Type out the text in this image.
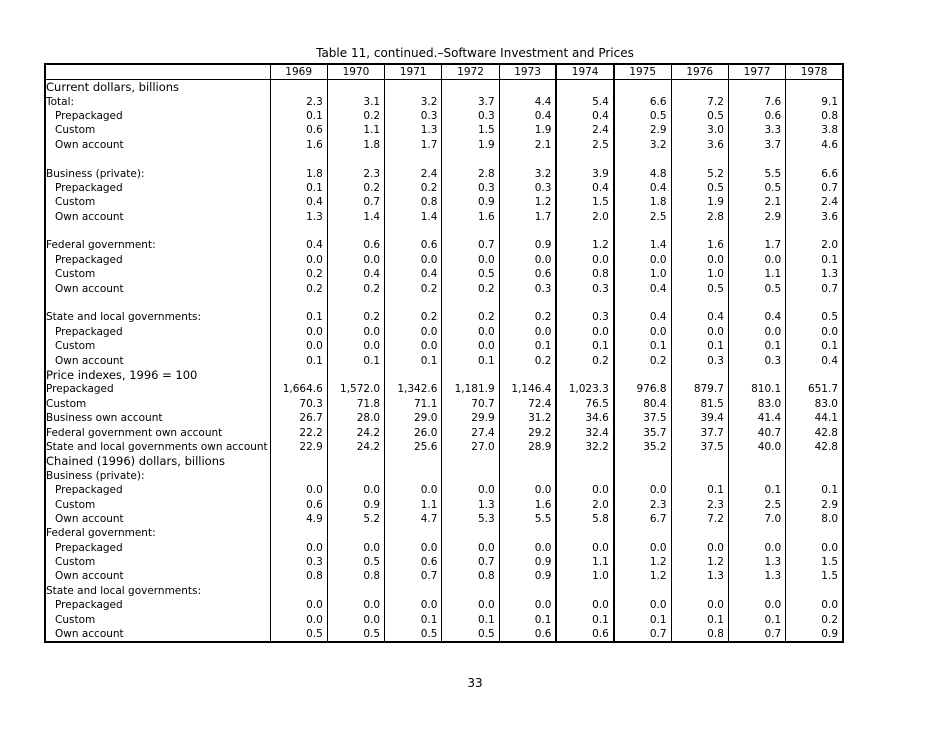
Table 11, continued.–Software Investment and Prices
	1969	1970	1971	1972	1973	1974	1975	1976	1977	1978
Current dollars, billions										
Total:	2.3	3.1	3.2	3.7	4.4	5.4	6.6	7.2	7.6	9.1
Prepackaged	0.1	0.2	0.3	0.3	0.4	0.4	0.5	0.5	0.6	0.8
Custom	0.6	1.1	1.3	1.5	1.9	2.4	2.9	3.0	3.3	3.8
Own account	1.6	1.8	1.7	1.9	2.1	2.5	3.2	3.6	3.7	4.6

Business (private):	1.8	2.3	2.4	2.8	3.2	3.9	4.8	5.2	5.5	6.6
Prepackaged	0.1	0.2	0.2	0.3	0.3	0.4	0.4	0.5	0.5	0.7
Custom	0.4	0.7	0.8	0.9	1.2	1.5	1.8	1.9	2.1	2.4
Own account	1.3	1.4	1.4	1.6	1.7	2.0	2.5	2.8	2.9	3.6

Federal government:	0.4	0.6	0.6	0.7	0.9	1.2	1.4	1.6	1.7	2.0
Prepackaged	0.0	0.0	0.0	0.0	0.0	0.0	0.0	0.0	0.0	0.1
Custom	0.2	0.4	0.4	0.5	0.6	0.8	1.0	1.0	1.1	1.3
Own account	0.2	0.2	0.2	0.2	0.3	0.3	0.4	0.5	0.5	0.7

State and local governments:	0.1	0.2	0.2	0.2	0.2	0.3	0.4	0.4	0.4	0.5
Prepackaged	0.0	0.0	0.0	0.0	0.0	0.0	0.0	0.0	0.0	0.0
Custom	0.0	0.0	0.0	0.0	0.1	0.1	0.1	0.1	0.1	0.1
Own account	0.1	0.1	0.1	0.1	0.2	0.2	0.2	0.3	0.3	0.4
Price indexes, 1996 = 100										
Prepackaged	1,664.6	1,572.0	1,342.6	1,181.9	1,146.4	1,023.3	976.8	879.7	810.1	651.7
Custom	70.3	71.8	71.1	70.7	72.4	76.5	80.4	81.5	83.0	83.0
Business own account	26.7	28.0	29.0	29.9	31.2	34.6	37.5	39.4	41.4	44.1
Federal government own account	22.2	24.2	26.0	27.4	29.2	32.4	35.7	37.7	40.7	42.8
State and local governments own account	22.9	24.2	25.6	27.0	28.9	32.2	35.2	37.5	40.0	42.8
Chained (1996) dollars, billions										
Business (private):										
Prepackaged	0.0	0.0	0.0	0.0	0.0	0.0	0.0	0.1	0.1	0.1
Custom	0.6	0.9	1.1	1.3	1.6	2.0	2.3	2.3	2.5	2.9
Own account	4.9	5.2	4.7	5.3	5.5	5.8	6.7	7.2	7.0	8.0
Federal government:										
Prepackaged	0.0	0.0	0.0	0.0	0.0	0.0	0.0	0.0	0.0	0.0
Custom	0.3	0.5	0.6	0.7	0.9	1.1	1.2	1.2	1.3	1.5
Own account	0.8	0.8	0.7	0.8	0.9	1.0	1.2	1.3	1.3	1.5
State and local governments:										
Prepackaged	0.0	0.0	0.0	0.0	0.0	0.0	0.0	0.0	0.0	0.0
Custom	0.0	0.0	0.1	0.1	0.1	0.1	0.1	0.1	0.1	0.2
Own account	0.5	0.5	0.5	0.5	0.6	0.6	0.7	0.8	0.7	0.9
33
